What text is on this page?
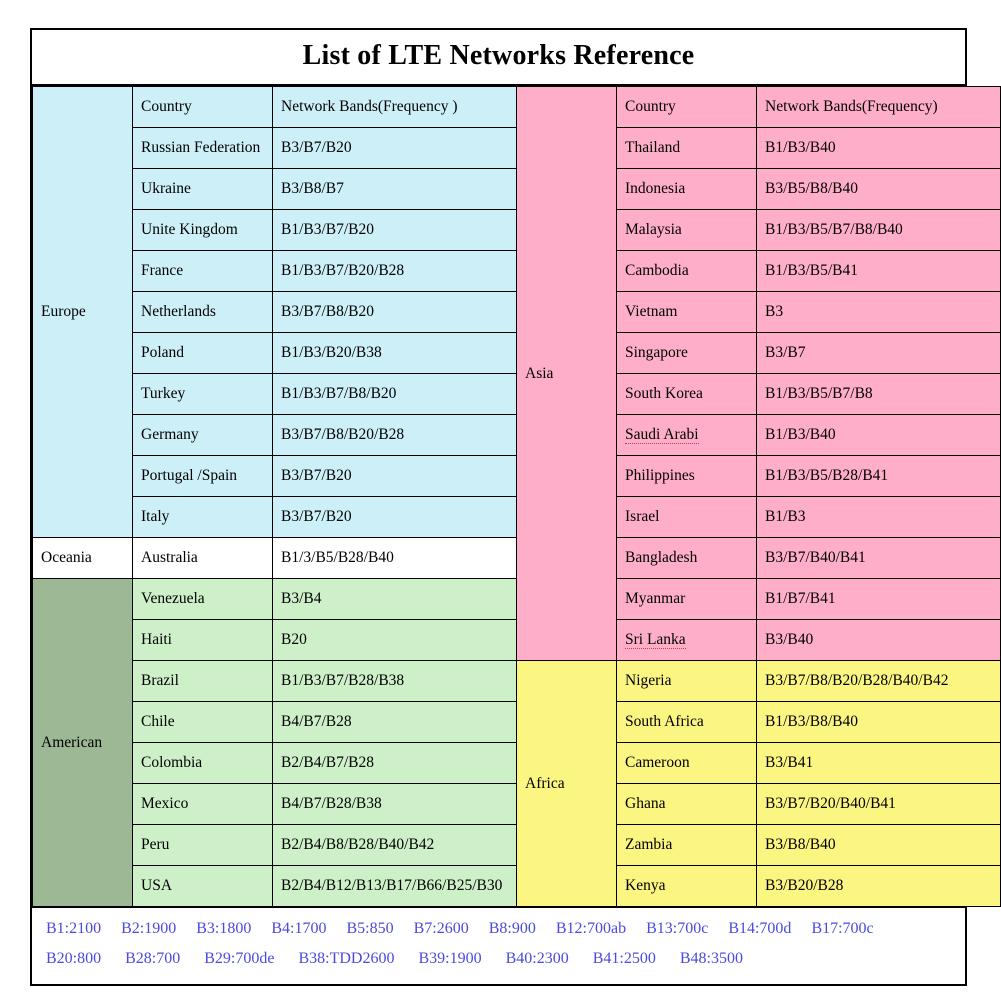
List of LTE Networks Reference
Europe	Country	Network Bands(Frequency )	Asia	Country	Network Bands(Frequency)
	Russian Federation	B3/B7/B20		Thailand	B1/B3/B40
	Ukraine	B3/B8/B7		Indonesia	B3/B5/B8/B40
	Unite Kingdom	B1/B3/B7/B20		Malaysia	B1/B3/B5/B7/B8/B40
	France	B1/B3/B7/B20/B28		Cambodia	B1/B3/B5/B41
	Netherlands	B3/B7/B8/B20		Vietnam	B3
	Poland	B1/B3/B20/B38		Singapore	B3/B7
	Turkey	B1/B3/B7/B8/B20		South Korea	B1/B3/B5/B7/B8
	Germany	B3/B7/B8/B20/B28		Saudi Arabi	B1/B3/B40
	Portugal /Spain	B3/B7/B20		Philippines	B1/B3/B5/B28/B41
	Italy	B3/B7/B20		Israel	B1/B3
Oceania	Australia	B1/3/B5/B28/B40		Bangladesh	B3/B7/B40/B41
American	Venezuela	B3/B4		Myanmar	B1/B7/B41
	Haiti	B20		Sri Lanka	B3/B40
	Brazil	B1/B3/B7/B28/B38	Africa	Nigeria	B3/B7/B8/B20/B28/B40/B42
	Chile	B4/B7/B28		South Africa	B1/B3/B8/B40
	Colombia	B2/B4/B7/B28		Cameroon	B3/B41
	Mexico	B4/B7/B28/B38		Ghana	B3/B7/B20/B40/B41
	Peru	B2/B4/B8/B28/B40/B42		Zambia	B3/B8/B40
	USA	B2/B4/B12/B13/B17/B66/B25/B30		Kenya	B3/B20/B28
B1:2100 B2:1900 B3:1800 B4:1700 B5:850 B7:2600 B8:900 B12:700ab B13:700c B14:700d B17:700c
B20:800 B28:700 B29:700de B38:TDD2600 B39:1900 B40:2300 B41:2500 B48:3500
